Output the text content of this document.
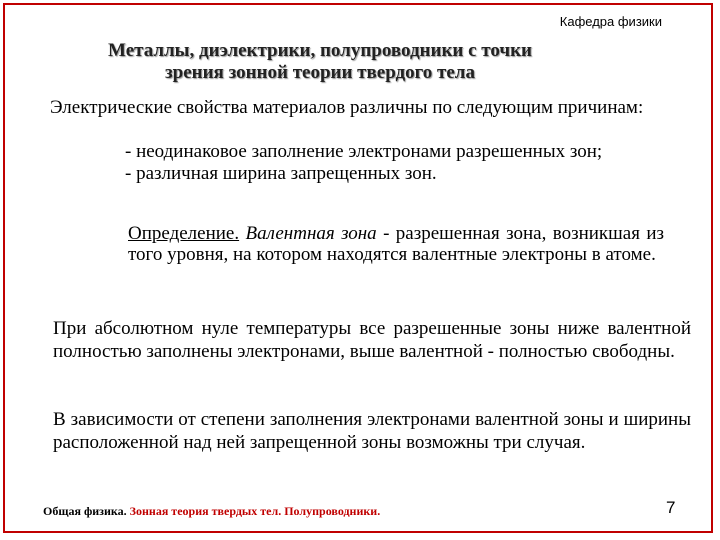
Кафедра физики
Металлы, диэлектрики, полупроводники с точки
зрения зонной теории твердого тела
Электрические свойства материалов различны по следующим причинам:
- неодинаковое заполнение электронами разрешенных зон;
- различная ширина запрещенных зон.
Определение. Валентная зона - разрешенная зона, возникшая из того уровня, на котором находятся валентные электроны в атоме.
При абсолютном нуле температуры все разрешенные зоны ниже валентной полностью заполнены электронами, выше валентной - полностью свободны.
В зависимости от степени заполнения электронами валентной зоны и ширины расположенной над ней запрещенной зоны возможны три случая.
Общая физика. Зонная теория твердых тел. Полупроводники.	7
